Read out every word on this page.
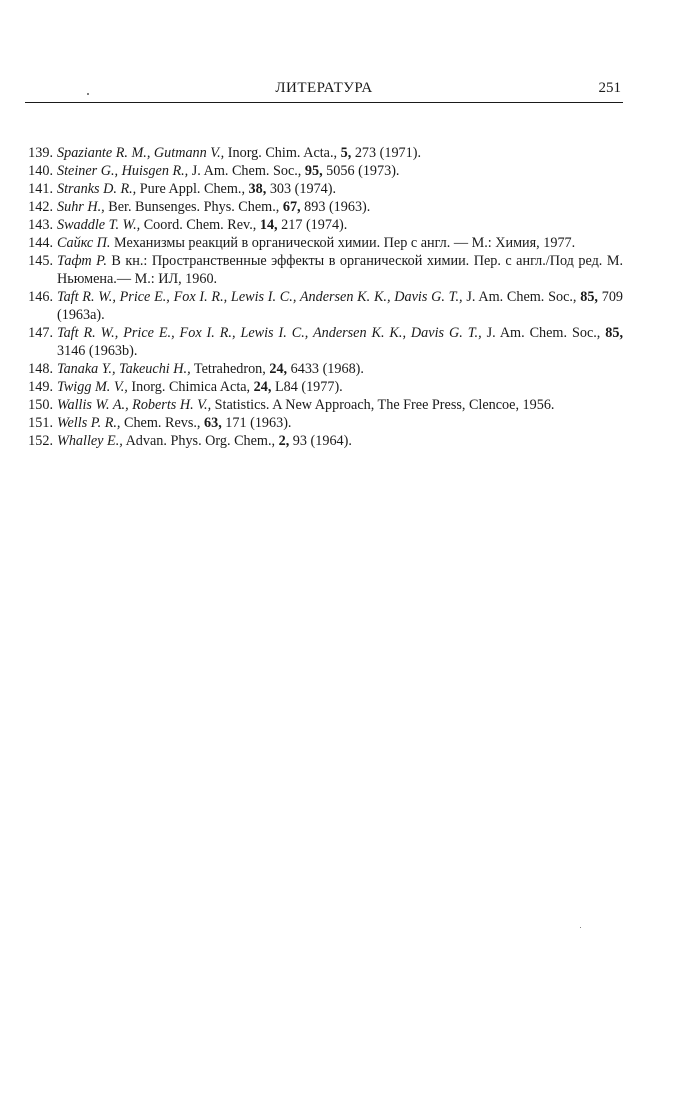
ЛИТЕРАТУРА	251
139. Spaziante R. M., Gutmann V., Inorg. Chim. Acta., 5, 273 (1971).
140. Steiner G., Huisgen R., J. Am. Chem. Soc., 95, 5056 (1973).
141. Stranks D. R., Pure Appl. Chem., 38, 303 (1974).
142. Suhr H., Ber. Bunsenges. Phys. Chem., 67, 893 (1963).
143. Swaddle T. W., Coord. Chem. Rev., 14, 217 (1974).
144. Сайкс П. Механизмы реакций в органической химии. Пер с англ. — М.: Химия, 1977.
145. Тафт Р. В кн.: Пространственные эффекты в органической химии. Пер. с англ./Под ред. М. Ньюмена.— М.: ИЛ, 1960.
146. Taft R. W., Price E., Fox I. R., Lewis I. C., Andersen K. K., Davis G. T., J. Am. Chem. Soc., 85, 709 (1963a).
147. Taft R. W., Price E., Fox I. R., Lewis I. C., Andersen K. K., Davis G. T., J. Am. Chem. Soc., 85, 3146 (1963b).
148. Tanaka Y., Takeuchi H., Tetrahedron, 24, 6433 (1968).
149. Twigg M. V., Inorg. Chimica Acta, 24, L84 (1977).
150. Wallis W. A., Roberts H. V., Statistics. A New Approach, The Free Press, Clencoe, 1956.
151. Wells P. R., Chem. Revs., 63, 171 (1963).
152. Whalley E., Advan. Phys. Org. Chem., 2, 93 (1964).
